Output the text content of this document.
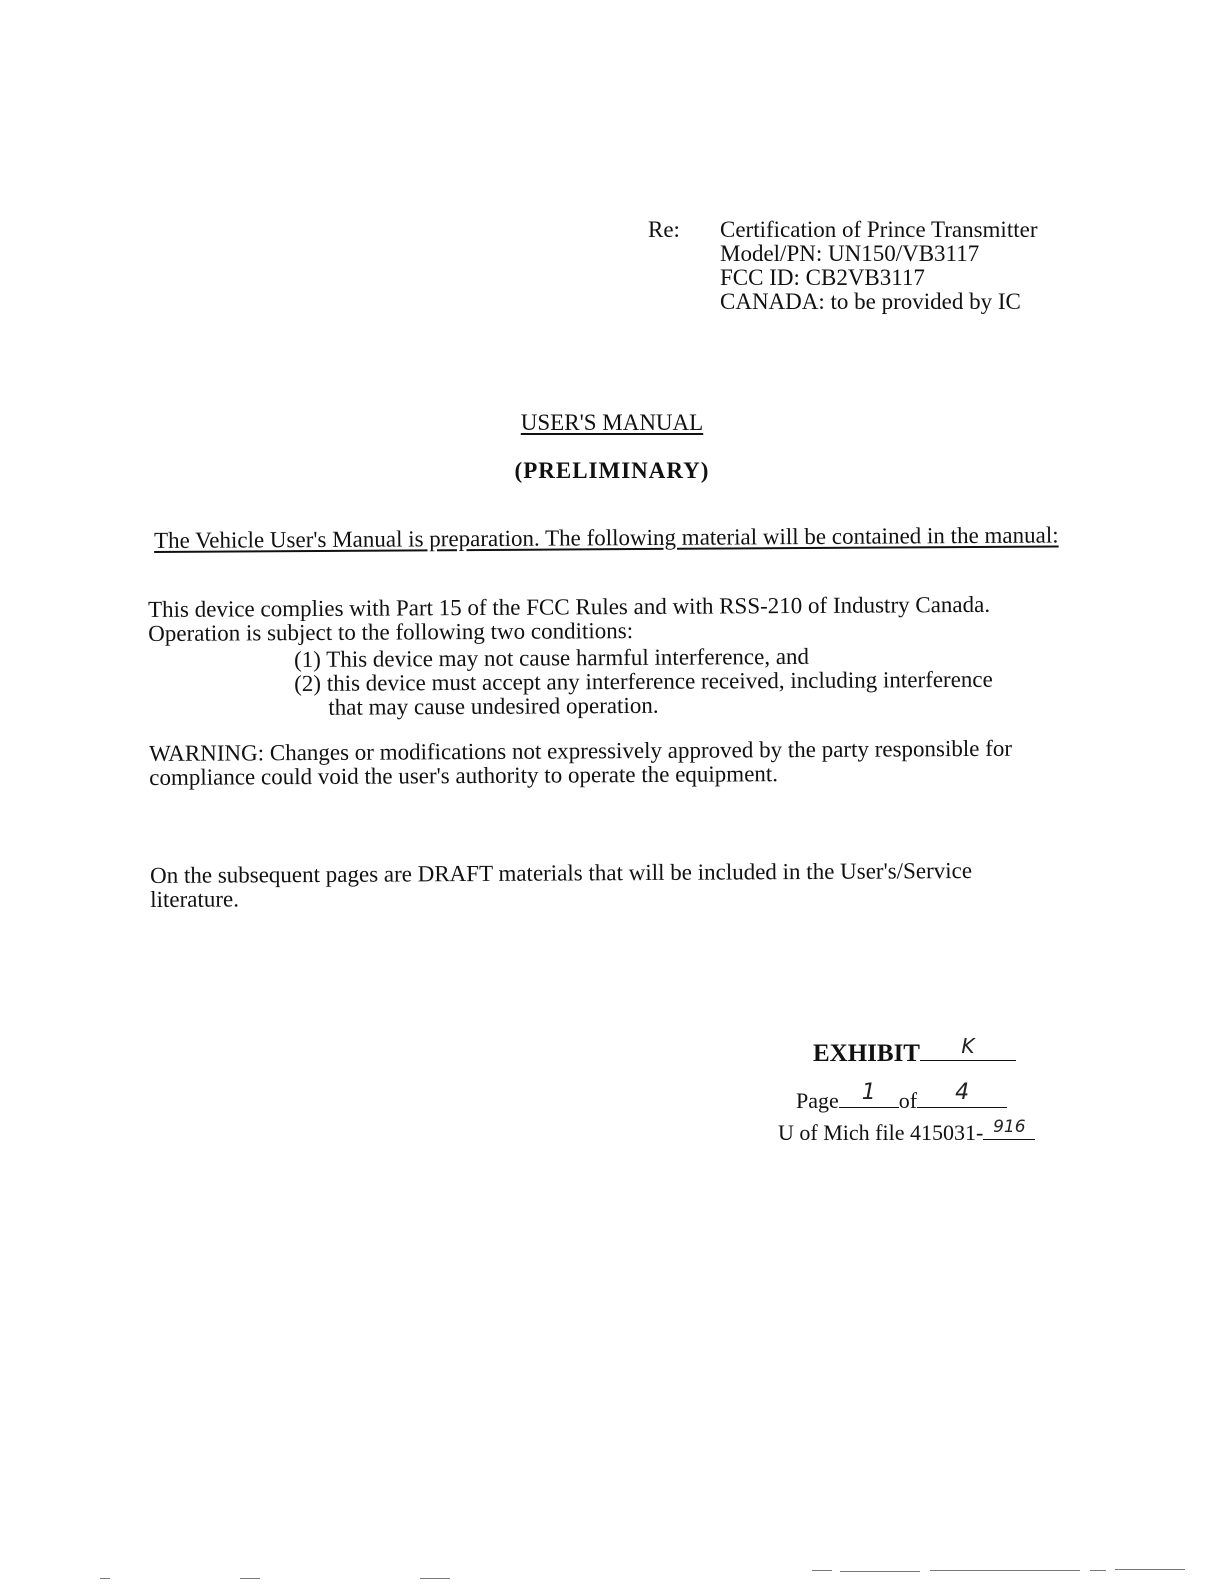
Re: Certification of Prince Transmitter
Model/PN: UN150/VB3117
FCC ID: CB2VB3117
CANADA: to be provided by IC
USER'S MANUAL
(PRELIMINARY)
The Vehicle User's Manual is preparation. The following material will be contained in the manual:
This device complies with Part 15 of the FCC Rules and with RSS-210 of Industry Canada.
Operation is subject to the following two conditions:
(1) This device may not cause harmful interference, and
(2) this device must accept any interference received, including interference
that may cause undesired operation.
WARNING: Changes or modifications not expressively approved by the party responsible for
compliance could void the user's authority to operate the equipment.
On the subsequent pages are DRAFT materials that will be included in the User's/Service
literature.
EXHIBIT	K
Page	1	of	4
U of Mich file 415031- 916
